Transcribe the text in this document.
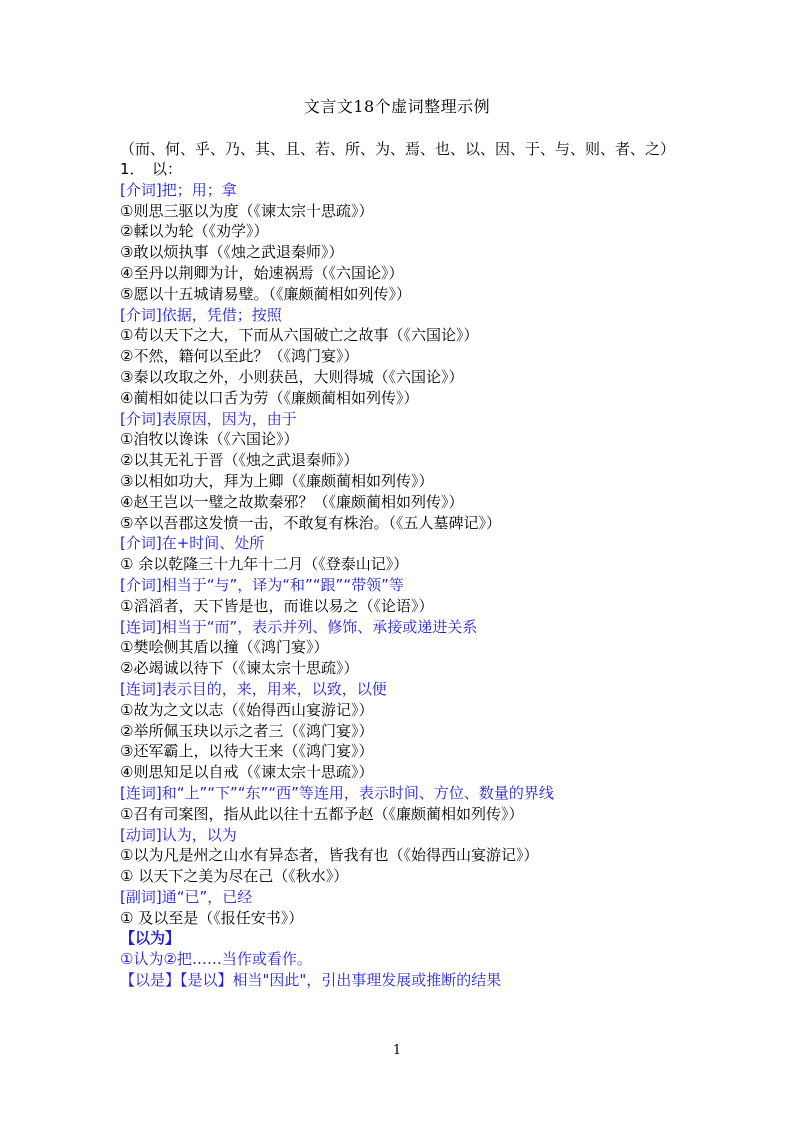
文言文18个虚词整理示例
（而、何、乎、乃、其、且、若、所、为、焉、也、以、因、于、与、则、者、之）
1．　以：
[介词]把；用；拿
①则思三驱以为度（《谏太宗十思疏》）
②輮以为轮（《劝学》）
③敢以烦执事（《烛之武退秦师》）
④至丹以荆卿为计，始速祸焉（《六国论》）
⑤愿以十五城请易璧。（《廉颇蔺相如列传》）
[介词]依据，凭借；按照
①苟以天下之大，下而从六国破亡之故事（《六国论》）
②不然，籍何以至此？（《鸿门宴》）
③秦以攻取之外，小则获邑，大则得城（《六国论》）
④蔺相如徒以口舌为劳（《廉颇蔺相如列传》）
[介词]表原因，因为，由于
①洎牧以谗诛（《六国论》）
②以其无礼于晋（《烛之武退秦师》）
③以相如功大，拜为上卿（《廉颇蔺相如列传》）
④赵王岂以一璧之故欺秦邪？（《廉颇蔺相如列传》）
⑤卒以吾郡这发愤一击，不敢复有株治。（《五人墓碑记》）
[介词]在+时间、处所
① 余以乾隆三十九年十二月（《登泰山记》）
[介词]相当于“与”，译为“和”“跟”“带领”等
①滔滔者，天下皆是也，而谁以易之（《论语》）
[连词]相当于“而”，表示并列、修饰、承接或递进关系
①樊哙侧其盾以撞（《鸿门宴》）
②必竭诚以待下（《谏太宗十思疏》）
[连词]表示目的，来，用来，以致，以便
①故为之文以志（《始得西山宴游记》）
②举所佩玉玦以示之者三（《鸿门宴》）
③还军霸上，以待大王来（《鸿门宴》）
④则思知足以自戒（《谏太宗十思疏》）
[连词]和“上”“下”“东”“西”等连用，表示时间、方位、数量的界线
①召有司案图，指从此以往十五都予赵（《廉颇蔺相如列传》）
[动词]认为，以为
①以为凡是州之山水有异态者，皆我有也（《始得西山宴游记》）
① 以天下之美为尽在己（《秋水》）
[副词]通“已”，已经
① 及以至是（《报任安书》）
【以为】
①认为②把……当作或看作。
【以是】【是以】相当"因此"，引出事理发展或推断的结果
1
